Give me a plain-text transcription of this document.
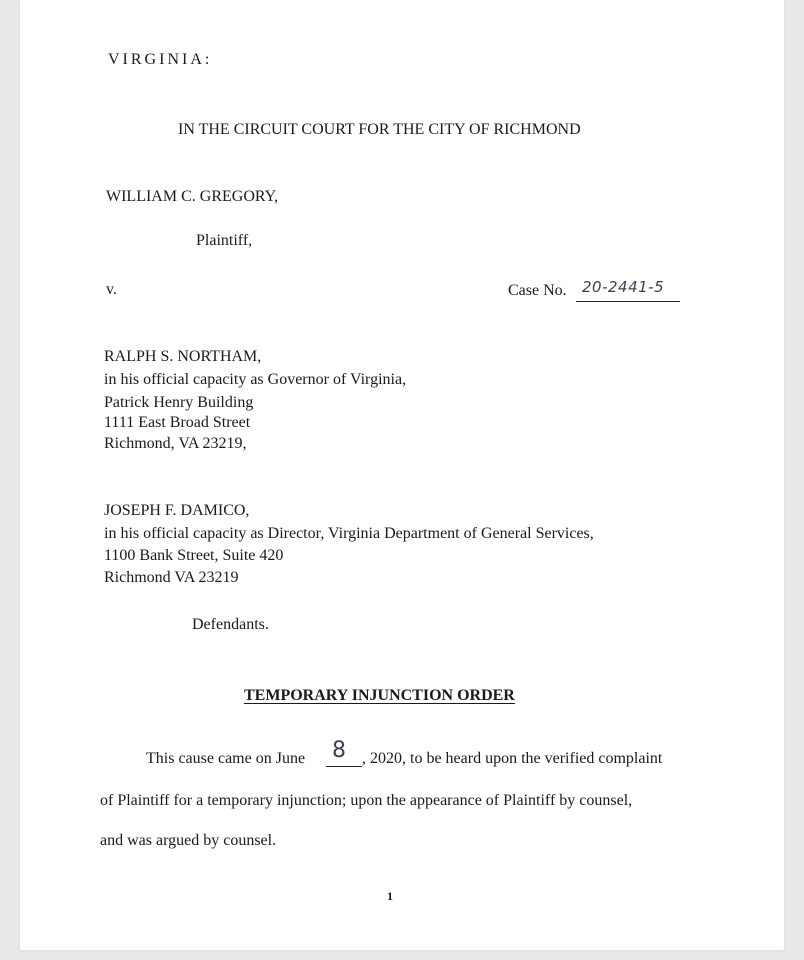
VIRGINIA:
IN THE CIRCUIT COURT FOR THE CITY OF RICHMOND
WILLIAM C. GREGORY,
Plaintiff,
v.	Case No. 20-2441-5
RALPH S. NORTHAM,
in his official capacity as Governor of Virginia,
Patrick Henry Building
1111 East Broad Street
Richmond, VA 23219,
JOSEPH F. DAMICO,
in his official capacity as Director, Virginia Department of General Services,
1100 Bank Street, Suite 420
Richmond VA 23219
Defendants.
TEMPORARY INJUNCTION ORDER
This cause came on June 8 , 2020, to be heard upon the verified complaint
of Plaintiff for a temporary injunction; upon the appearance of Plaintiff by counsel,
and was argued by counsel.
1
